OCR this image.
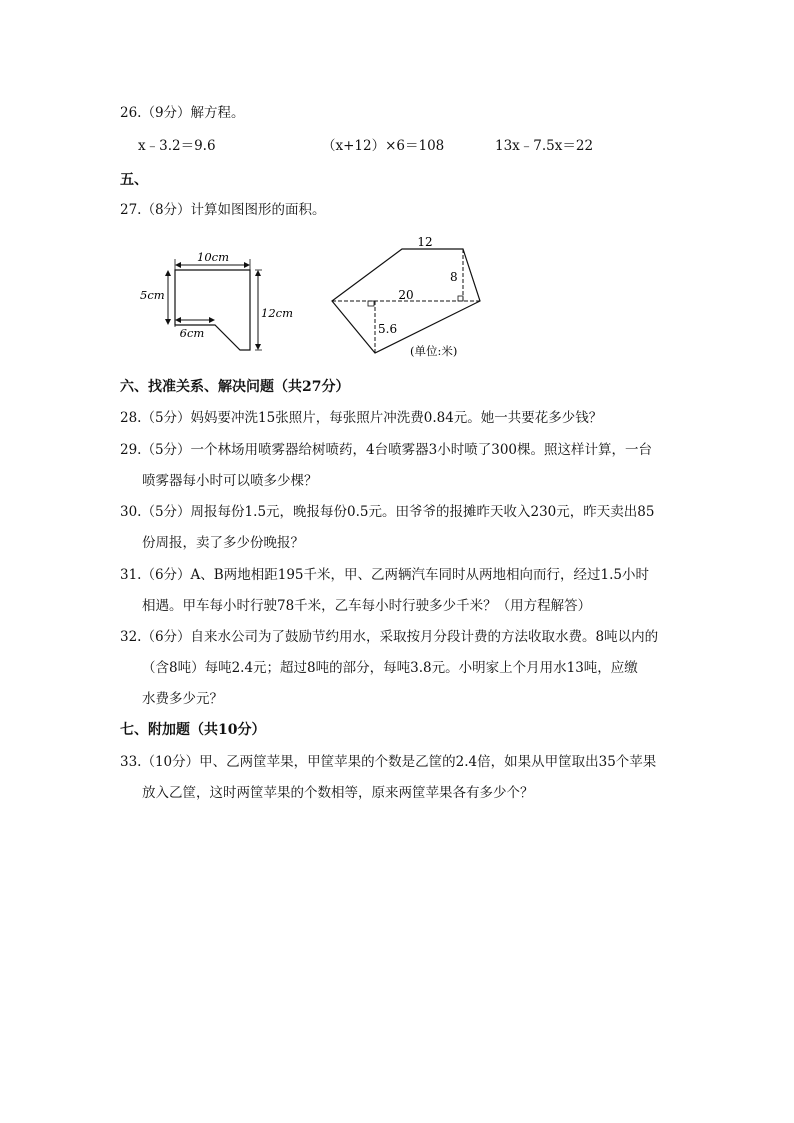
26.（9分）解方程。
x﹣3.2＝9.6	（x+12）×6＝108	13x﹣7.5x＝22
五、
27.（8分）计算如图图形的面积。
10cm
5cm
12cm
6cm
12
8
20
5.6
(单位:米)
六、找准关系、解决问题（共27分）
28.（5分）妈妈要冲洗15张照片，每张照片冲洗费0.84元。她一共要花多少钱？
29.（5分）一个林场用喷雾器给树喷药，4台喷雾器3小时喷了300棵。照这样计算，一台
喷雾器每小时可以喷多少棵？
30.（5分）周报每份1.5元，晚报每份0.5元。田爷爷的报摊昨天收入230元，昨天卖出85
份周报，卖了多少份晚报？
31.（6分）A、B两地相距195千米，甲、乙两辆汽车同时从两地相向而行，经过1.5小时
相遇。甲车每小时行驶78千米，乙车每小时行驶多少千米？（用方程解答）
32.（6分）自来水公司为了鼓励节约用水，采取按月分段计费的方法收取水费。8吨以内的
（含8吨）每吨2.4元；超过8吨的部分，每吨3.8元。小明家上个月用水13吨，应缴
水费多少元？
七、附加题（共10分）
33.（10分）甲、乙两筐苹果，甲筐苹果的个数是乙筐的2.4倍，如果从甲筐取出35个苹果
放入乙筐，这时两筐苹果的个数相等，原来两筐苹果各有多少个？
